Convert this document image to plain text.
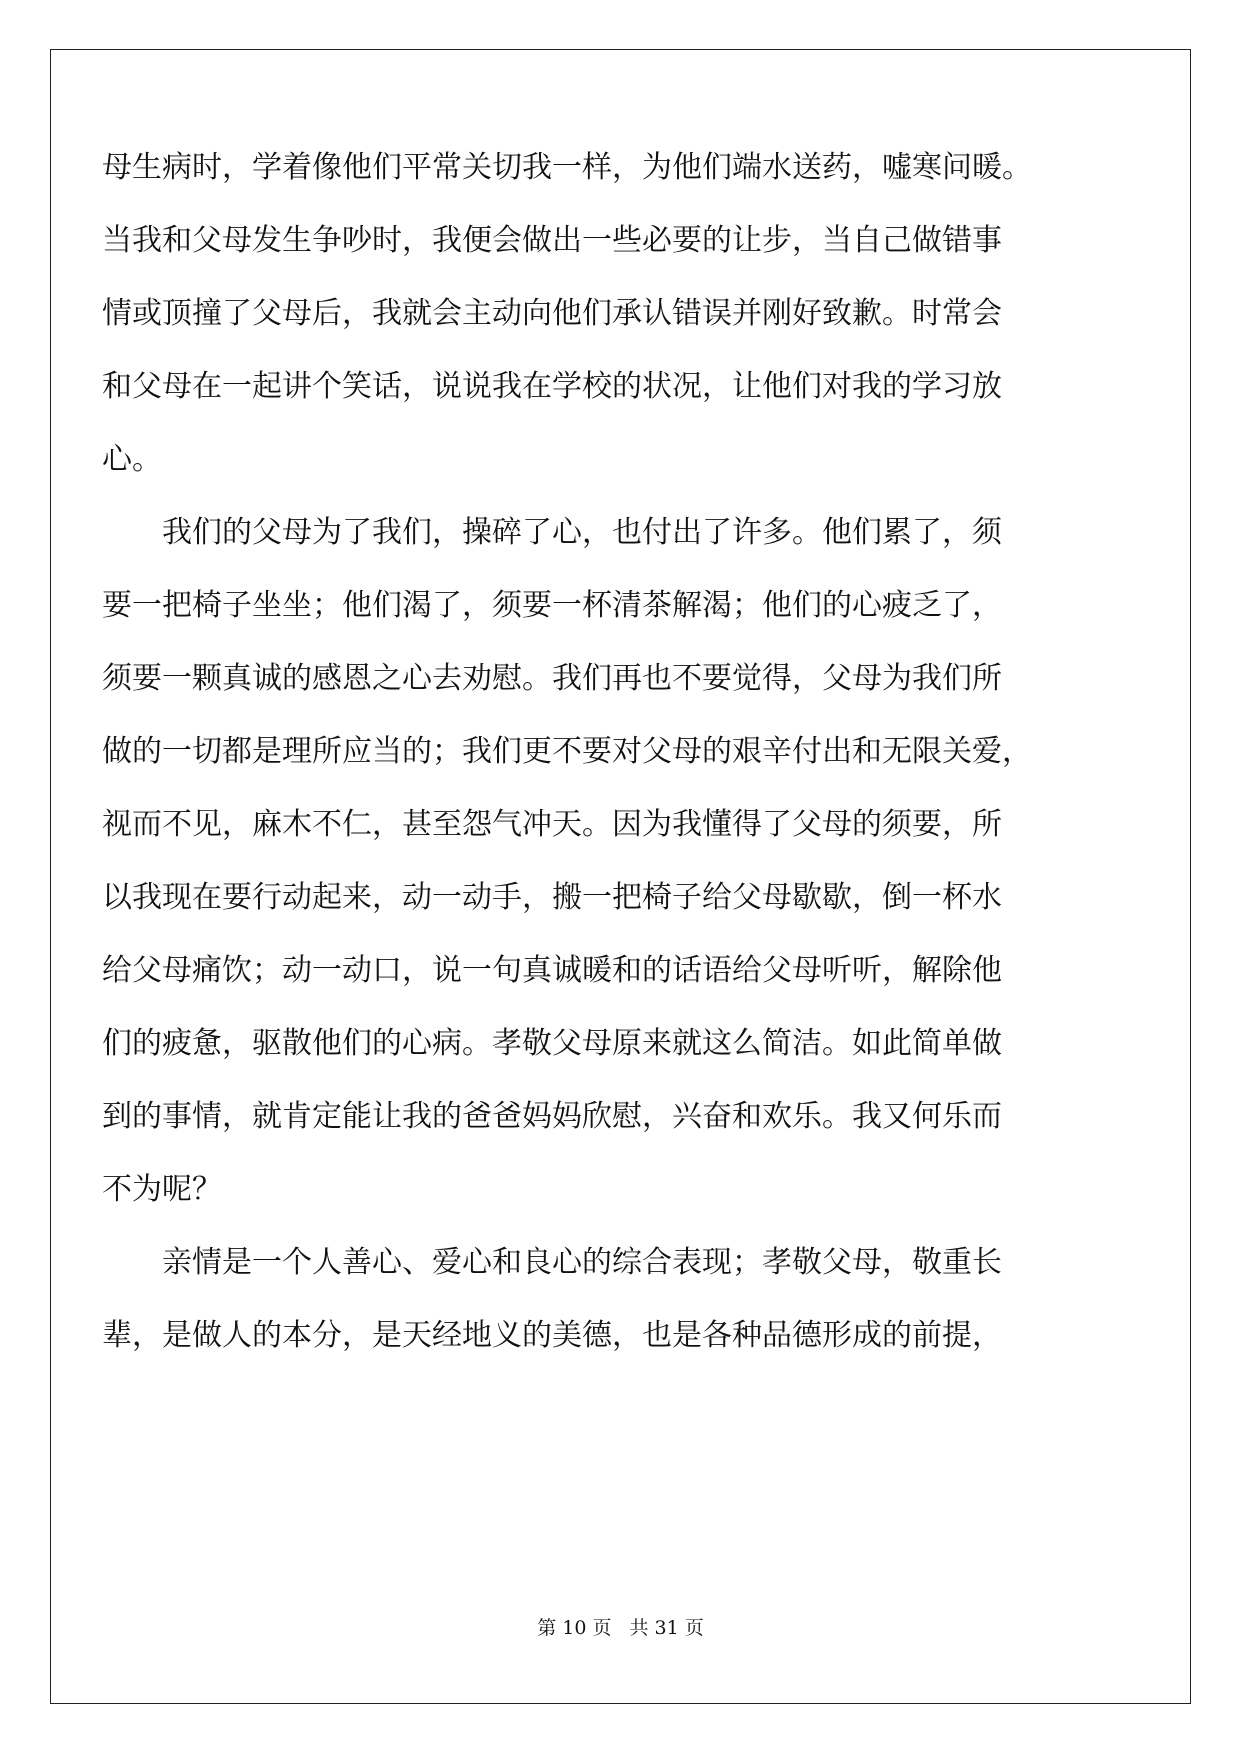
母生病时，学着像他们平常关切我一样，为他们端水送药，嘘寒问暖。
当我和父母发生争吵时，我便会做出一些必要的让步，当自己做错事
情或顶撞了父母后，我就会主动向他们承认错误并刚好致歉。时常会
和父母在一起讲个笑话，说说我在学校的状况，让他们对我的学习放
心。
　　我们的父母为了我们，操碎了心，也付出了许多。他们累了，须
要一把椅子坐坐；他们渴了，须要一杯清茶解渴；他们的心疲乏了，
须要一颗真诚的感恩之心去劝慰。我们再也不要觉得，父母为我们所
做的一切都是理所应当的；我们更不要对父母的艰辛付出和无限关爱，
视而不见，麻木不仁，甚至怨气冲天。因为我懂得了父母的须要，所
以我现在要行动起来，动一动手，搬一把椅子给父母歇歇，倒一杯水
给父母痛饮；动一动口，说一句真诚暖和的话语给父母听听，解除他
们的疲惫，驱散他们的心病。孝敬父母原来就这么简洁。如此简单做
到的事情，就肯定能让我的爸爸妈妈欣慰，兴奋和欢乐。我又何乐而
不为呢？
　　亲情是一个人善心、爱心和良心的综合表现；孝敬父母，敬重长
辈，是做人的本分，是天经地义的美德，也是各种品德形成的前提，
第 10 页 共 31 页
